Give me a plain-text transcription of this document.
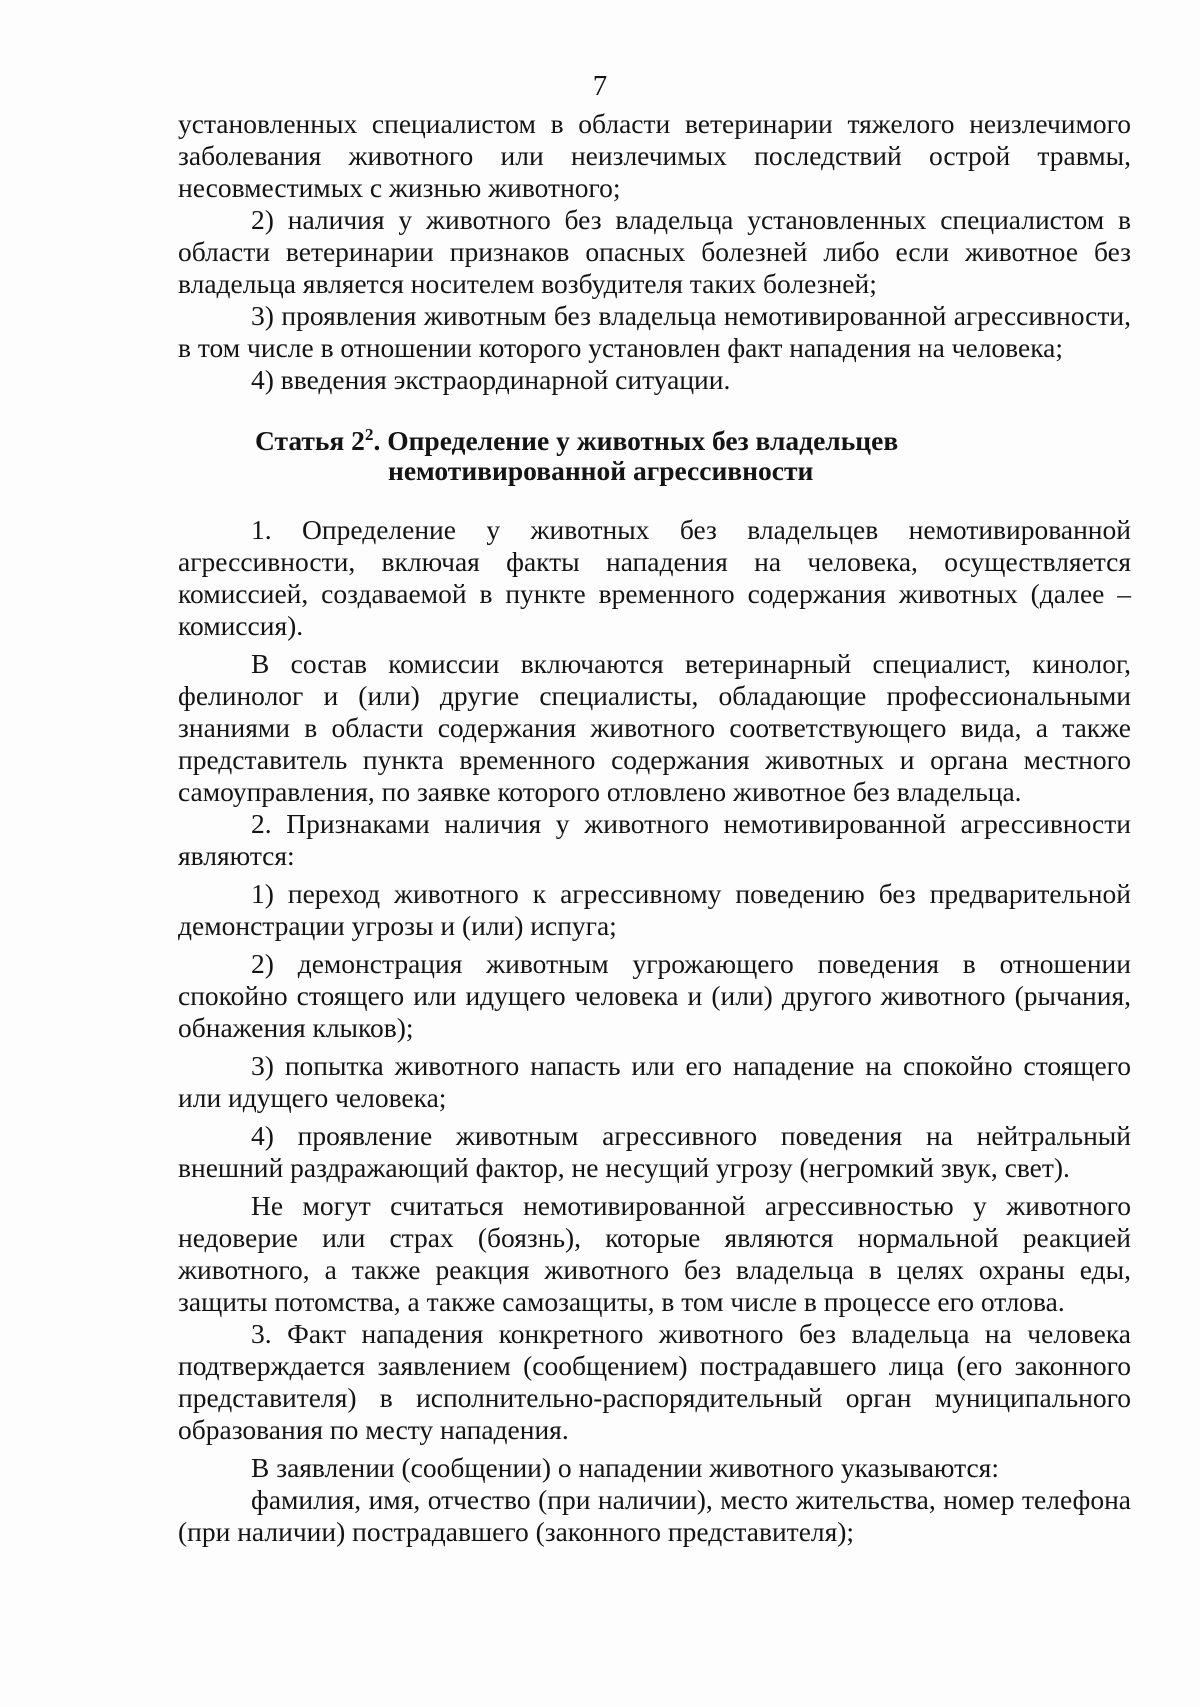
7

установленных специалистом в области ветеринарии тяжелого неизлечимого заболевания животного или неизлечимых последствий острой травмы, несовместимых с жизнью животного;

2) наличия у животного без владельца установленных специалистом в области ветеринарии признаков опасных болезней либо если животное без владельца является носителем возбудителя таких болезней;

3) проявления животным без владельца немотивированной агрессивности, в том числе в отношении которого установлен факт нападения на человека;

4) введения экстраординарной ситуации.

Статья $2^2$. Определение у животных без владельцев
немотивированной агрессивности

1. Определение у животных без владельцев немотивированной агрессивности, включая факты нападения на человека, осуществляется комиссией, создаваемой в пункте временного содержания животных (далее – комиссия).

В состав комиссии включаются ветеринарный специалист, кинолог, фелинолог и (или) другие специалисты, обладающие профессиональными знаниями в области содержания животного соответствующего вида, а также представитель пункта временного содержания животных и органа местного самоуправления, по заявке которого отловлено животное без владельца.

2. Признаками наличия у животного немотивированной агрессивности являются:

1) переход животного к агрессивному поведению без предварительной демонстрации угрозы и (или) испуга;

2) демонстрация животным угрожающего поведения в отношении спокойно стоящего или идущего человека и (или) другого животного (рычания, обнажения клыков);

3) попытка животного напасть или его нападение на спокойно стоящего или идущего человека;

4) проявление животным агрессивного поведения на нейтральный внешний раздражающий фактор, не несущий угрозу (негромкий звук, свет).

Не могут считаться немотивированной агрессивностью у животного недоверие или страх (боязнь), которые являются нормальной реакцией животного, а также реакция животного без владельца в целях охраны еды, защиты потомства, а также самозащиты, в том числе в процессе его отлова.

3. Факт нападения конкретного животного без владельца на человека подтверждается заявлением (сообщением) пострадавшего лица (его законного представителя) в исполнительно-распорядительный орган муниципального образования по месту нападения.

В заявлении (сообщении) о нападении животного указываются:

фамилия, имя, отчество (при наличии), место жительства, номер телефона (при наличии) пострадавшего (законного представителя);
